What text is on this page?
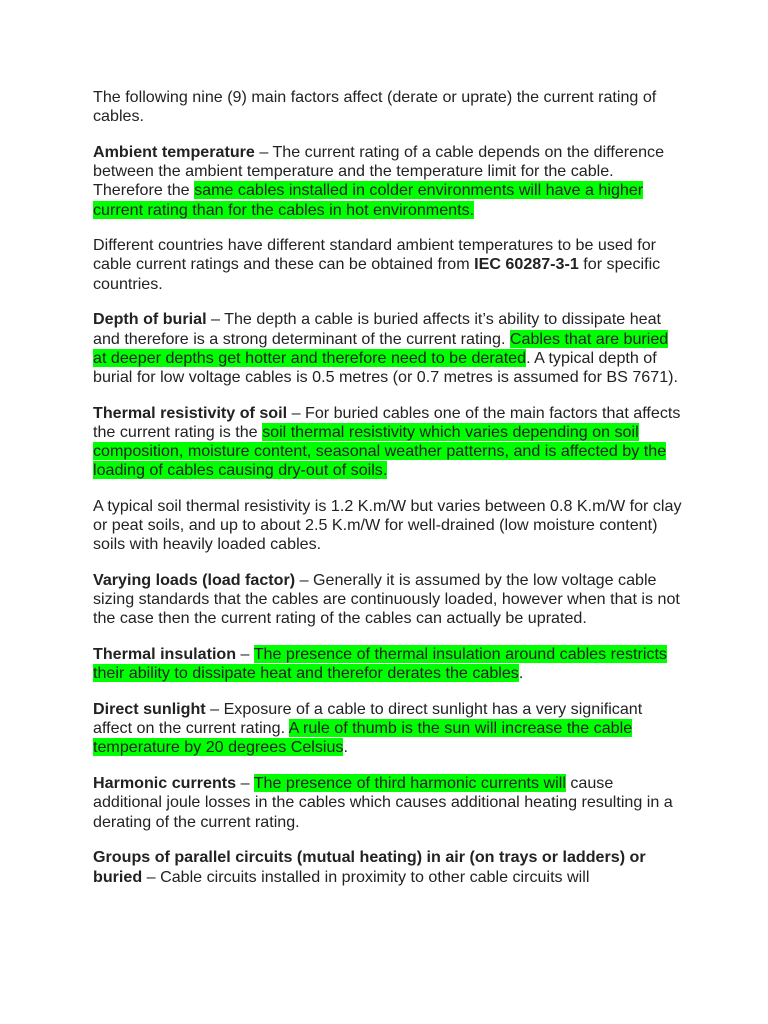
The following nine (9) main factors affect (derate or uprate) the current rating of cables.

Ambient temperature – The current rating of a cable depends on the difference between the ambient temperature and the temperature limit for the cable. Therefore the same cables installed in colder environments will have a higher current rating than for the cables in hot environments.

Different countries have different standard ambient temperatures to be used for cable current ratings and these can be obtained from IEC 60287-3-1 for specific countries.

Depth of burial – The depth a cable is buried affects it’s ability to dissipate heat and therefore is a strong determinant of the current rating. Cables that are buried at deeper depths get hotter and therefore need to be derated. A typical depth of burial for low voltage cables is 0.5 metres (or 0.7 metres is assumed for BS 7671).

Thermal resistivity of soil – For buried cables one of the main factors that affects the current rating is the soil thermal resistivity which varies depending on soil composition, moisture content, seasonal weather patterns, and is affected by the loading of cables causing dry-out of soils.

A typical soil thermal resistivity is 1.2 K.m/W but varies between 0.8 K.m/W for clay or peat soils, and up to about 2.5 K.m/W for well-drained (low moisture content) soils with heavily loaded cables.

Varying loads (load factor) – Generally it is assumed by the low voltage cable sizing standards that the cables are continuously loaded, however when that is not the case then the current rating of the cables can actually be uprated.

Thermal insulation – The presence of thermal insulation around cables restricts their ability to dissipate heat and therefor derates the cables.

Direct sunlight – Exposure of a cable to direct sunlight has a very significant affect on the current rating. A rule of thumb is the sun will increase the cable temperature by 20 degrees Celsius.

Harmonic currents – The presence of third harmonic currents will cause additional joule losses in the cables which causes additional heating resulting in a derating of the current rating.

Groups of parallel circuits (mutual heating) in air (on trays or ladders) or buried – Cable circuits installed in proximity to other cable circuits will
